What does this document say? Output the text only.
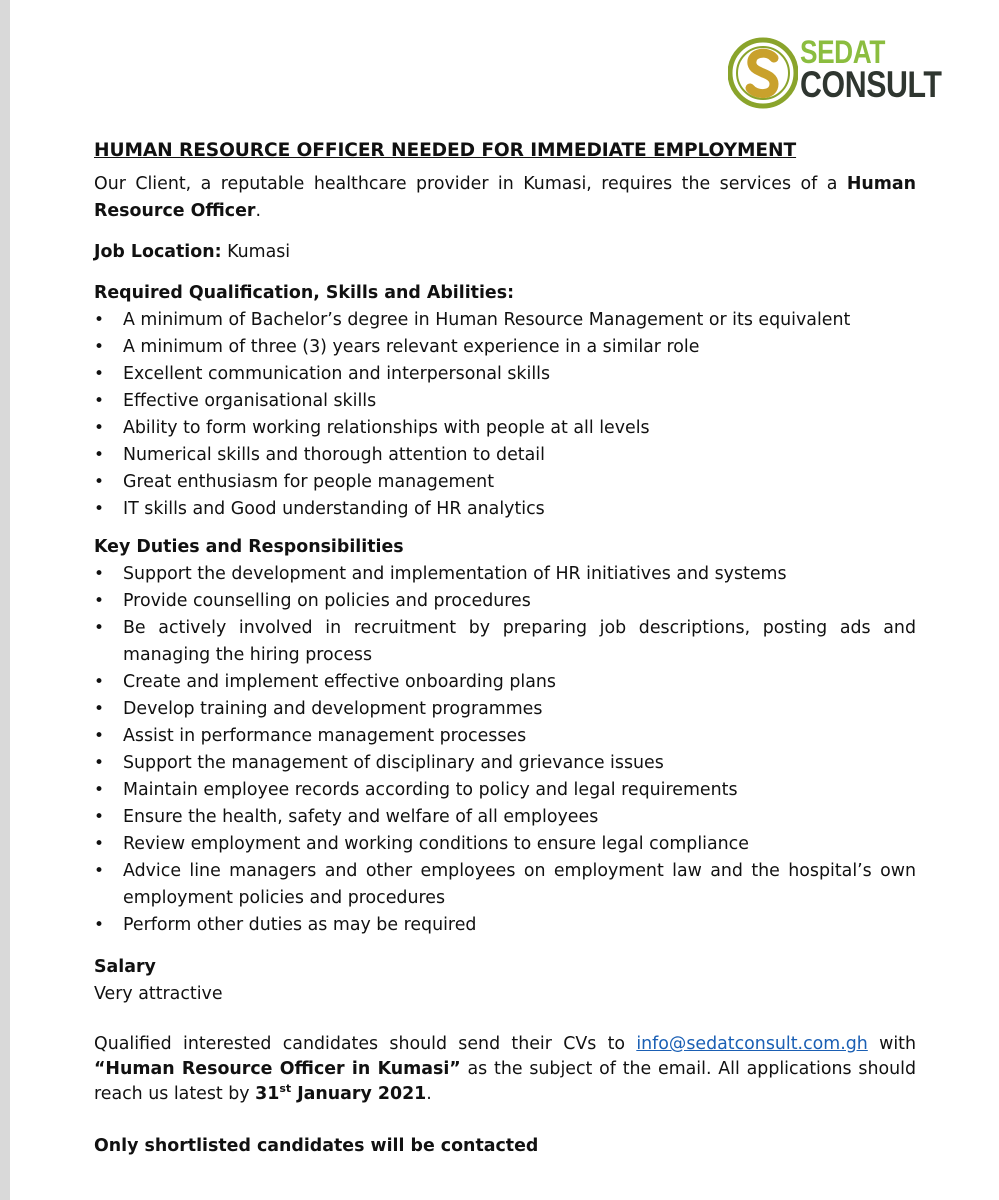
SEDAT
CONSULT
HUMAN RESOURCE OFFICER NEEDED FOR IMMEDIATE EMPLOYMENT

Our Client, a reputable healthcare provider in Kumasi, requires the services of a Human Resource Officer.

Job Location: Kumasi

Required Qualification, Skills and Abilities:
• A minimum of Bachelor’s degree in Human Resource Management or its equivalent
• A minimum of three (3) years relevant experience in a similar role
• Excellent communication and interpersonal skills
• Effective organisational skills
• Ability to form working relationships with people at all levels
• Numerical skills and thorough attention to detail
• Great enthusiasm for people management
• IT skills and Good understanding of HR analytics
Key Duties and Responsibilities
• Support the development and implementation of HR initiatives and systems
• Provide counselling on policies and procedures
• Be actively involved in recruitment by preparing job descriptions, posting ads and managing the hiring process
• Create and implement effective onboarding plans
• Develop training and development programmes
• Assist in performance management processes
• Support the management of disciplinary and grievance issues
• Maintain employee records according to policy and legal requirements
• Ensure the health, safety and welfare of all employees
• Review employment and working conditions to ensure legal compliance
• Advice line managers and other employees on employment law and the hospital’s own employment policies and procedures
• Perform other duties as may be required
Salary

Very attractive

Qualified interested candidates should send their CVs to info@sedatconsult.com.gh with “Human Resource Officer in Kumasi” as the subject of the email. All applications should reach us latest by 31st January 2021.

Only shortlisted candidates will be contacted
